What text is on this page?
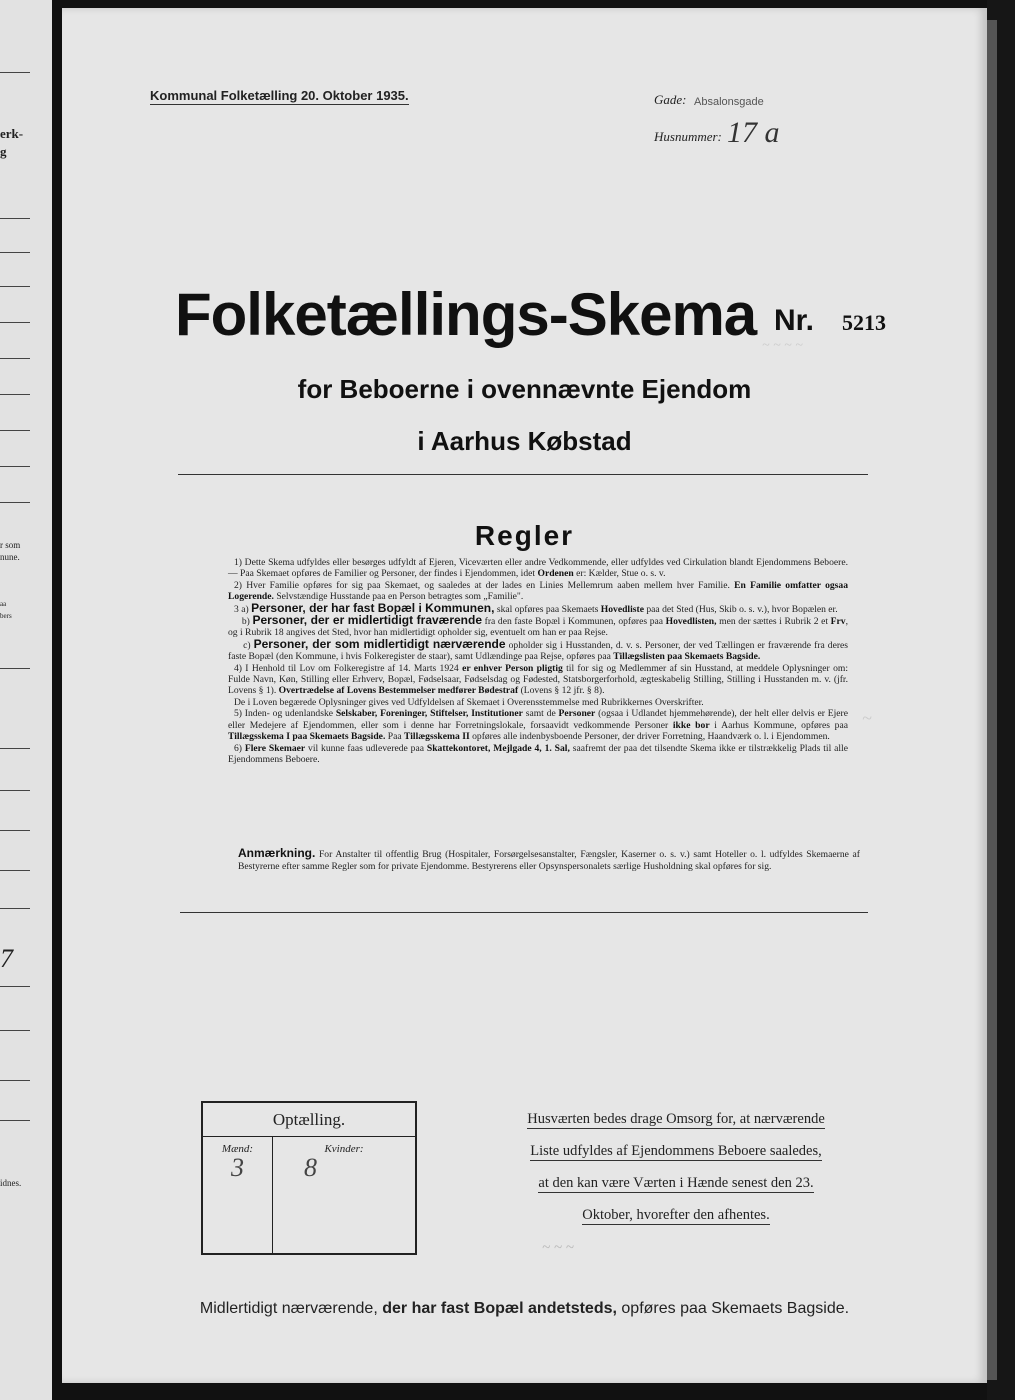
erk-
g
r som
nune.
aa
bers
7
idnes.
Kommunal Folketælling 20. Oktober 1935.	Gade: Absalonsgade
Husnummer: 17 a
~ ~ ~ ~
~
Folketællings-Skema Nr. 5213
for Beboerne i ovennævnte Ejendom
i Aarhus Købstad
Regler

1) Dette Skema udfyldes eller besørges udfyldt af Ejeren, Viceværten eller andre Vedkommende, eller udfyldes ved Cirkulation blandt Ejendommens Beboere. — Paa Skemaet opføres de Familier og Personer, der findes i Ejendommen, idet Ordenen er: Kælder, Stue o. s. v.

2) Hver Familie opføres for sig paa Skemaet, og saaledes at der lades en Linies Mellemrum aaben mellem hver Familie. En Familie omfatter ogsaa Logerende. Selvstændige Husstande paa en Person betragtes som „Familie".

3 a) Personer, der har fast Bopæl i Kommunen, skal opføres paa Skemaets Hovedliste paa det Sted (Hus, Skib o. s. v.), hvor Bopælen er.

b) Personer, der er midlertidigt fraværende fra den faste Bopæl i Kommunen, opføres paa Hovedlisten, men der sættes i Rubrik 2 et Frv, og i Rubrik 18 angives det Sted, hvor han midlertidigt opholder sig, eventuelt om han er paa Rejse.

c) Personer, der som midlertidigt nærværende opholder sig i Husstanden, d. v. s. Personer, der ved Tællingen er fraværende fra deres faste Bopæl (den Kommune, i hvis Folkeregister de staar), samt Udlændinge paa Rejse, opføres paa Tillægslisten paa Skemaets Bagside.

4) I Henhold til Lov om Folkeregistre af 14. Marts 1924 er enhver Person pligtig til for sig og Medlemmer af sin Husstand, at meddele Oplysninger om: Fulde Navn, Køn, Stilling eller Erhverv, Bopæl, Fødselsaar, Fødselsdag og Fødested, Statsborgerforhold, ægteskabelig Stilling, Stilling i Husstanden m. v. (jfr. Lovens § 1). Overtrædelse af Lovens Bestemmelser medfører Bødestraf (Lovens § 12 jfr. § 8).

De i Loven begærede Oplysninger gives ved Udfyldelsen af Skemaet i Overensstemmelse med Rubrikkernes Overskrifter.

5) Inden- og udenlandske Selskaber, Foreninger, Stiftelser, Institutioner samt de Personer (ogsaa i Udlandet hjemmehørende), der helt eller delvis er Ejere eller Medejere af Ejendommen, eller som i denne har Forretningslokale, forsaavidt vedkommende Personer ikke bor i Aarhus Kommune, opføres paa Tillægsskema I paa Skemaets Bagside. Paa Tillægsskema II opføres alle indenbysboende Personer, der driver Forretning, Haandværk o. l. i Ejendommen.

6) Flere Skemaer vil kunne faas udleverede paa Skattekontoret, Mejlgade 4, 1. Sal, saafremt der paa det tilsendte Skema ikke er tilstrækkelig Plads til alle Ejendommens Beboere.

Anmærkning. For Anstalter til offentlig Brug (Hospitaler, Forsørgelsesanstalter, Fængsler, Kaserner o. s. v.) samt Hoteller o. l. udfyldes Skemaerne af Bestyrerne efter samme Regler som for private Ejendomme. Bestyrerens eller Opsynspersonalets særlige Husholdning skal opføres for sig.
Optælling.
Mænd:	Kvinder:
3	8
Husværten bedes drage Omsorg for, at nærværende
Liste udfyldes af Ejendommens Beboere saaledes,
at den kan være Værten i Hænde senest den 23.
Oktober, hvorefter den afhentes.
~ ~ ~
Midlertidigt nærværende, der har fast Bopæl andetsteds, opføres paa Skemaets Bagside.
